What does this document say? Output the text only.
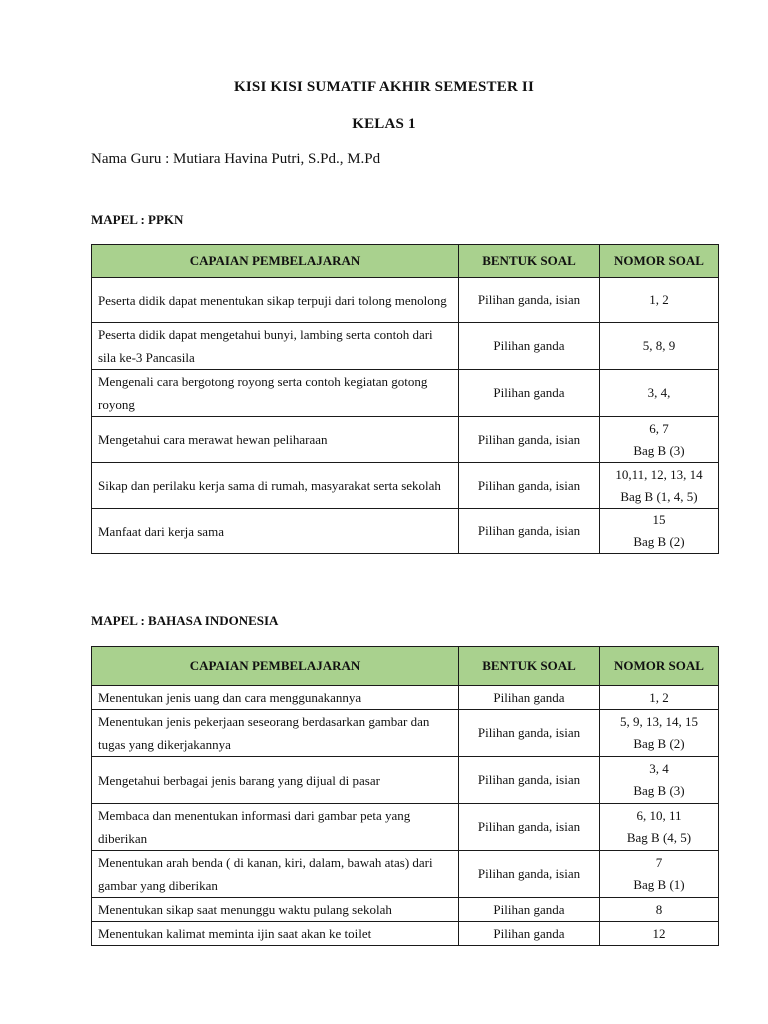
KISI KISI SUMATIF AKHIR SEMESTER II
KELAS 1
Nama Guru : Mutiara Havina Putri, S.Pd., M.Pd
MAPEL : PPKN
CAPAIAN PEMBELAJARAN	BENTUK SOAL	NOMOR SOAL
Peserta didik dapat menentukan sikap terpuji dari tolong menolong	Pilihan ganda, isian	1, 2

Peserta didik dapat mengetahui bunyi, lambing serta contoh dari sila ke-3 Pancasila	Pilihan ganda	5, 8, 9

Mengenali cara bergotong royong serta contoh kegiatan gotong royong	Pilihan ganda	3, 4,

Mengetahui cara merawat hewan peliharaan	Pilihan ganda, isian	6, 7
Bag B (3)

Sikap dan perilaku kerja sama di rumah, masyarakat serta sekolah	Pilihan ganda, isian	10,11, 12, 13, 14
Bag B (1, 4, 5)

Manfaat dari kerja sama	Pilihan ganda, isian	15
Bag B (2)
MAPEL : BAHASA INDONESIA
CAPAIAN PEMBELAJARAN	BENTUK SOAL	NOMOR SOAL
Menentukan jenis uang dan cara menggunakannya	Pilihan ganda	1, 2

Menentukan jenis pekerjaan seseorang berdasarkan gambar dan tugas yang dikerjakannya	Pilihan ganda, isian	5, 9, 13, 14, 15
Bag B (2)

Mengetahui berbagai jenis barang yang dijual di pasar	Pilihan ganda, isian	3, 4
Bag B (3)

Membaca dan menentukan informasi dari gambar peta yang diberikan	Pilihan ganda, isian	6, 10, 11
Bag B (4, 5)

Menentukan arah benda ( di kanan, kiri, dalam, bawah atas) dari gambar yang diberikan	Pilihan ganda, isian	7
Bag B (1)

Menentukan sikap saat menunggu waktu pulang sekolah	Pilihan ganda	8

Menentukan kalimat meminta ijin saat akan ke toilet	Pilihan ganda	12
